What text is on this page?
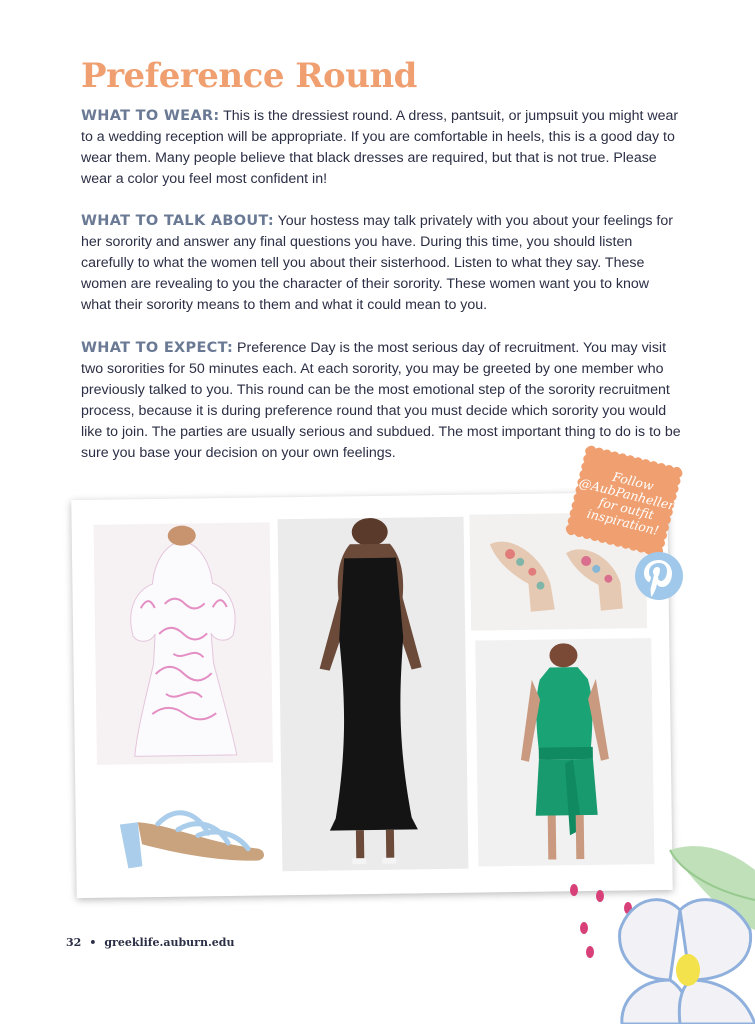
Preference Round

WHAT TO WEAR: This is the dressiest round. A dress, pantsuit, or jumpsuit you might wear to a wedding reception will be appropriate. If you are comfortable in heels, this is a good day to wear them. Many people believe that black dresses are required, but that is not true. Please wear a color you feel most confident in!

WHAT TO TALK ABOUT: Your hostess may talk privately with you about your feelings for her sorority and answer any final questions you have. During this time, you should listen carefully to what the women tell you about their sisterhood. Listen to what they say. These women are revealing to you the character of their sorority. These women want you to know what their sorority means to them and what it could mean to you.

WHAT TO EXPECT: Preference Day is the most serious day of recruitment. You may visit two sororities for 50 minutes each. At each sorority, you may be greeted by one member who previously talked to you. This round can be the most emotional step of the sorority recruitment process, because it is during preference round that you must decide which sorority you would like to join. The parties are usually serious and subdued. The most important thing to do is to be sure you base your decision on your own feelings.

Follow @AubPanhellenic for outfit inspiration!
32 • greeklife.auburn.edu
